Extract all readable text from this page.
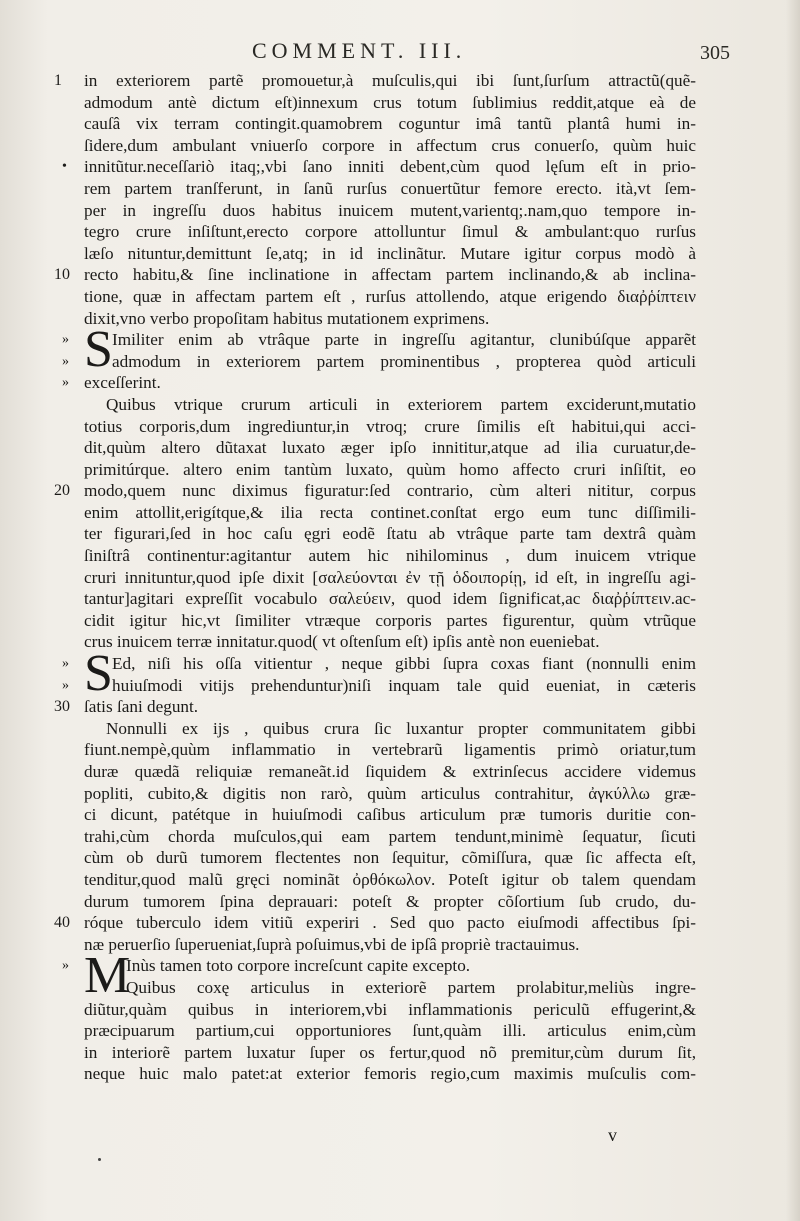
COMMENT. III.	305
1	in exteriorem partẽ promouetur,à muſculis,qui ibi ſunt,ſurſum attractũ(quẽ-
admodum antè dictum eſt)innexum crus totum ſublimius reddit,atque eà de
cauſâ vix terram contingit.quamobrem coguntur imâ tantũ plantâ humi in-
ſidere,dum ambulant vniuerſo corpore in affectum crus conuerſo, quùm huic
• innitũtur.neceſſariò itaq;,vbi ſano inniti debent,cùm quod lęſum eſt in prio-
rem partem tranſferunt, in ſanũ rurſus conuertũtur femore erecto. ità,vt ſem-
per in ingreſſu duos habitus inuicem mutent,varientq;.nam,quo tempore in-
tegro crure inſiſtunt,erecto corpore attolluntur ſimul & ambulant:quo rurſus
læſo nituntur,demittunt ſe,atq; in id inclinãtur. Mutare igitur corpus modò à
10 recto habitu,& ſine inclinatione in affectam partem inclinando,& ab inclina-
tione, quæ in affectam partem eſt , rurſus attollendo, atque erigendo διαῤῥίπτειν
dixit,vno verbo propoſitam habitus mutationem exprimens.
» S Imiliter enim ab vtrâque parte in ingreſſu agitantur, clunibúſque apparẽt
»	admodum in exteriorem partem prominentibus , propterea quòd articuli
» exceſſerint.
Quibus vtrique crurum articuli in exteriorem partem exciderunt,mutatio
totius corporis,dum ingrediuntur,in vtroq; crure ſimilis eſt habitui,qui acci-
dit,quùm altero dũtaxat luxato æger ipſo innititur,atque ad ilia curuatur,de-
primitúrque. altero enim tantùm luxato, quùm homo affecto cruri inſiſtit, eo
20 modo,quem nunc diximus figuratur:ſed contrario, cùm alteri nititur, corpus
enim attollit,erigítque,& ilia recta continet.conſtat ergo eum tunc diſſimili-
ter figurari,ſed in hoc caſu ęgri eodẽ ſtatu ab vtrâque parte tam dextrâ quàm
ſiniſtrâ continentur:agitantur autem hic nihilominus , dum inuicem vtrique
cruri innituntur,quod ipſe dixit [σαλεύονται ἐν τῇ ὁδοιπορίῃ, id eſt, in ingreſſu agi-
tantur]agitari expreſſit vocabulo σαλεύειν, quod idem ſignificat,ac διαῤῥίπτειν.ac-
cidit igitur hic,vt ſimiliter vtræque corporis partes figurentur, quùm vtrũque
crus inuicem terræ innitatur.quod( vt oſtenſum eſt) ipſis antè non eueniebat.
» S Ed, niſi his oſſa vitientur , neque gibbi ſupra coxas fiant (nonnulli enim
»	huiuſmodi vitijs prehenduntur)niſi inquam tale quid eueniat, in cæteris
30 ſatis ſani degunt.
Nonnulli ex ijs , quibus crura ſic luxantur propter communitatem gibbi
fiunt.nempè,quùm inflammatio in vertebrarũ ligamentis primò oriatur,tum
duræ quædã reliquiæ remaneãt.id ſiquidem & extrinſecus accidere videmus
popliti, cubito,& digitis non rarò, quùm articulus contrahitur, ἀγκύλλω græ-
ci dicunt, patétque in huiuſmodi caſibus articulum præ tumoris duritie con-
trahi,cùm chorda muſculos,qui eam partem tendunt,minimè ſequatur, ſicuti
cùm ob durũ tumorem flectentes non ſequitur, cõmiſſura, quæ ſic affecta eſt,
tenditur,quod malũ gręci nominãt ὀρθόκωλον. Poteſt igitur ob talem quendam
durum tumorem ſpina deprauari: poteſt & propter cõſortium ſub crudo, du-
40 róque tuberculo idem vitiũ experiri . Sed quo pacto eiuſmodi affectibus ſpi-
næ peruerſio ſuperueniat,ſuprà poſuimus,vbi de ipſâ propriè tractauimus.
» M
Inùs tamen toto corpore increſcunt capite excepto.
Quibus coxę articulus in exteriorẽ partem prolabitur,meliùs ingre-
diũtur,quàm quibus in interiorem,vbi inflammationis periculũ effugerint,&
præcipuarum partium,cui opportuniores ſunt,quàm illi. articulus enim,cùm
in interiorẽ partem luxatur ſuper os fertur,quod nõ premitur,cùm durum ſit,
neque huic malo patet:at exterior femoris regio,cum maximis muſculis com-
v
